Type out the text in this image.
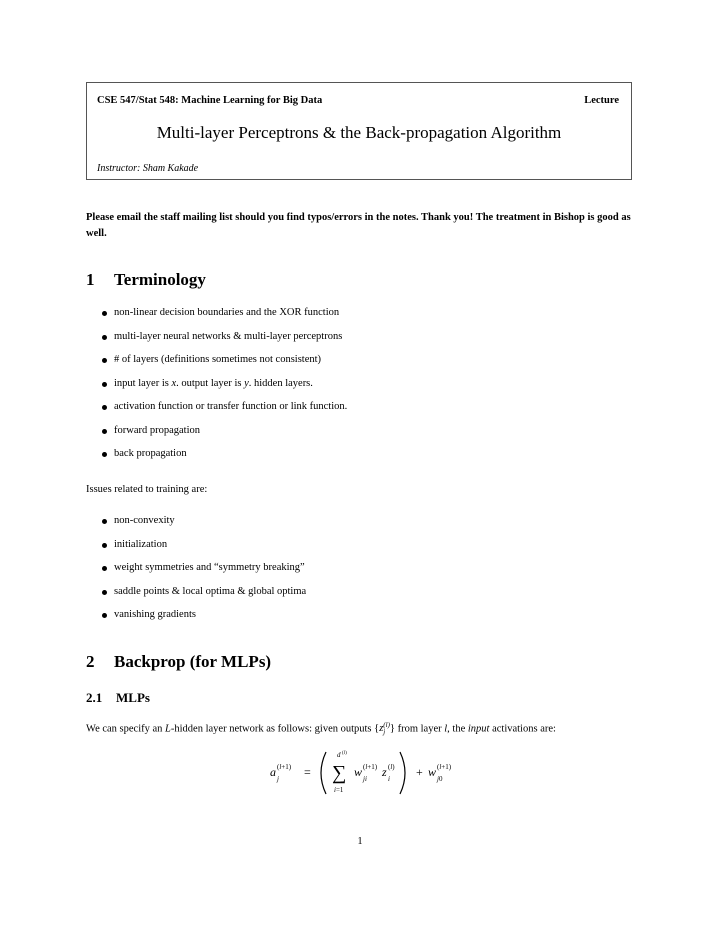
CSE 547/Stat 548: Machine Learning for Big Data	Lecture
Multi-layer Perceptrons & the Back-propagation Algorithm
Instructor: Sham Kakade
Please email the staff mailing list should you find typos/errors in the notes. Thank you! The treatment in Bishop is good as well.
1 Terminology
non-linear decision boundaries and the XOR function
multi-layer neural networks & multi-layer perceptrons
# of layers (definitions sometimes not consistent)
input layer is x. output layer is y. hidden layers.
activation function or transfer function or link function.
forward propagation
back propagation
Issues related to training are:
non-convexity
initialization
weight symmetries and “symmetry breaking”
saddle points & local optima & global optima
vanishing gradients
2 Backprop (for MLPs)
2.1 MLPs
We can specify an L-hidden layer network as follows: given outputs {z(l)
j } from layer l, the input activations are:
a (l+1)
j =
d (l)
∑
i=1
w (l+1)
ji z (l)
i + w (l+1)
j0
1
